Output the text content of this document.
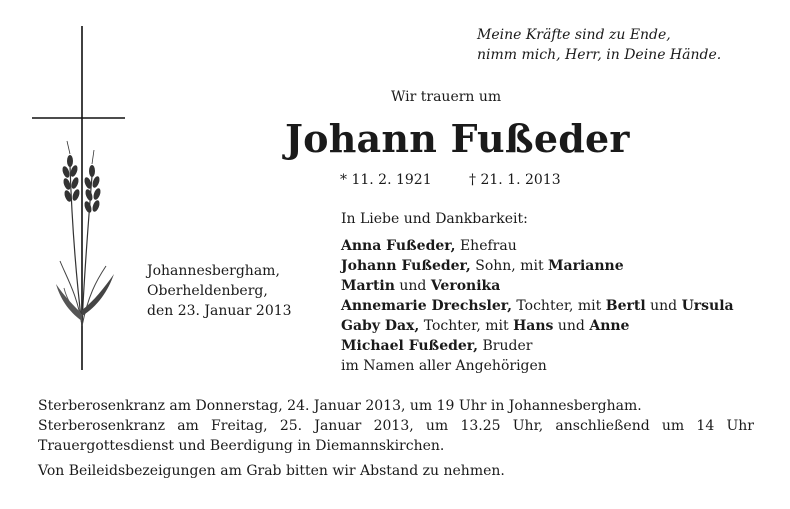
Meine Kräfte sind zu Ende,
nimm mich, Herr, in Deine Hände.
Wir trauern um
Johann Fußeder
* 11. 2. 1921	† 21. 1. 2013
Johannesbergham,
Oberheldenberg,
den 23. Januar 2013
In Liebe und Dankbarkeit:
Anna Fußeder, Ehefrau
Johann Fußeder, Sohn, mit Marianne
Martin und Veronika
Annemarie Drechsler, Tochter, mit Bertl und Ursula
Gaby Dax, Tochter, mit Hans und Anne
Michael Fußeder, Bruder
im Namen aller Angehörigen
Sterberosenkranz am Donnerstag, 24. Januar 2013, um 19 Uhr in Johannesbergham.
Sterberosenkranz am Freitag, 25. Januar 2013, um 13.25 Uhr, anschließend um 14 Uhr
Trauergottesdienst und Beerdigung in Diemannskirchen.
Von Beileidsbezeigungen am Grab bitten wir Abstand zu nehmen.
